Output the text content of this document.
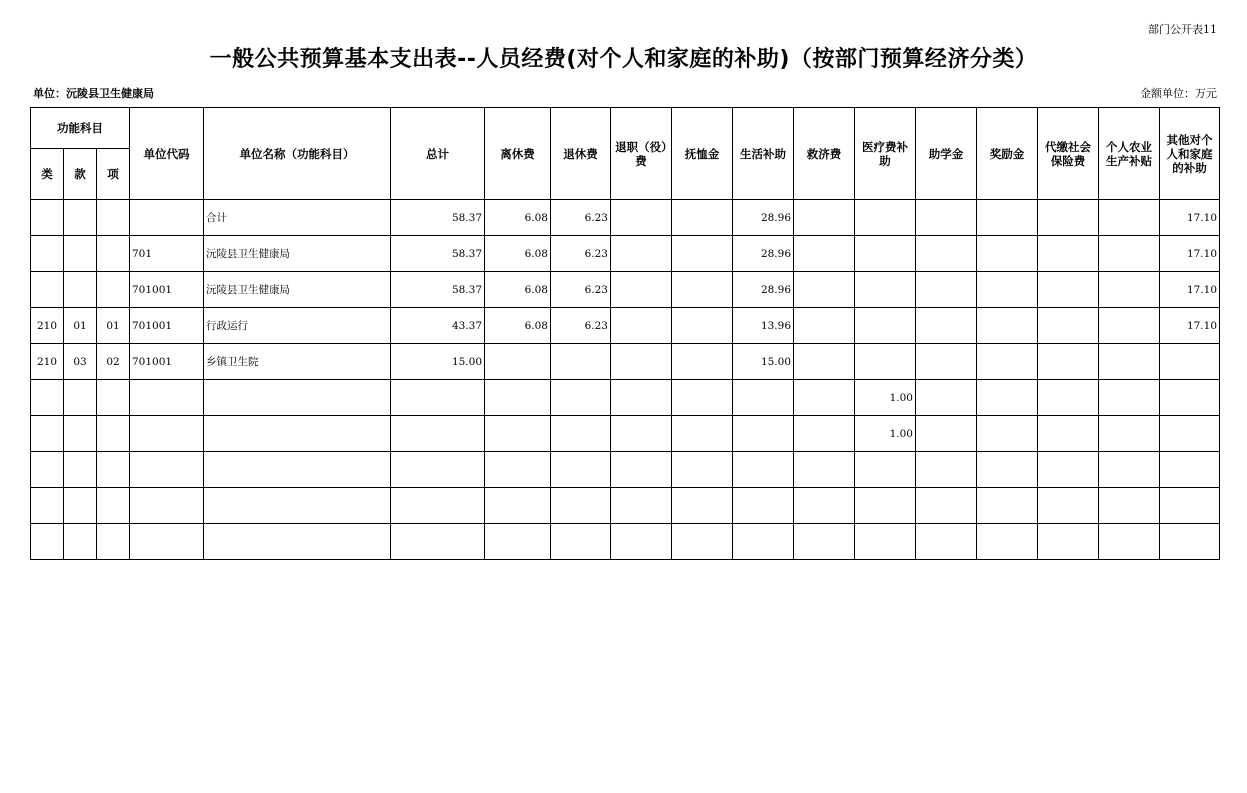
部门公开表11
一般公共预算基本支出表--人员经费(对个人和家庭的补助)（按部门预算经济分类）
单位：沅陵县卫生健康局	金额单位：万元
功能科目			单位代码	单位名称（功能科目）	总计	离休费	退休费	退职（役）费	抚恤金	生活补助	救济费	医疗费补助	助学金	奖励金	代缴社会保险费	个人农业生产补贴	其他对个人和家庭的补助
类	款	项															
				合计	58.37	6.08	6.23			28.96							17.10
			701	沅陵县卫生健康局	58.37	6.08	6.23			28.96							17.10
			701001	沅陵县卫生健康局	58.37	6.08	6.23			28.96							17.10
210	01	01	701001	行政运行	43.37	6.08	6.23			13.96							17.10
210	03	02	701001	乡镇卫生院	15.00					15.00							
												1.00					
												1.00					
